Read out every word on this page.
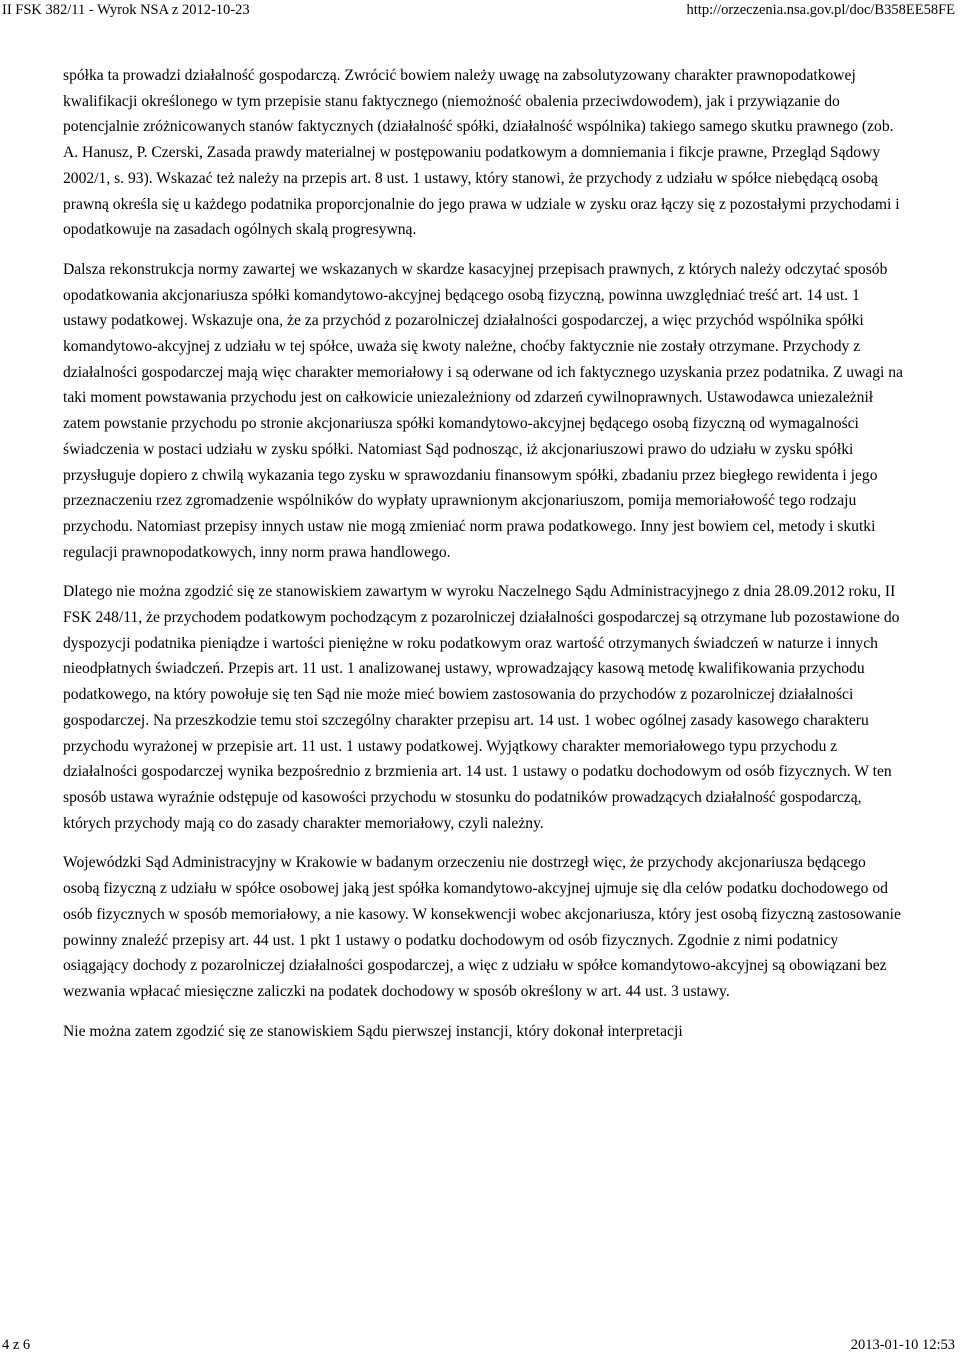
II FSK 382/11 - Wyrok NSA z 2012-10-23	http://orzeczenia.nsa.gov.pl/doc/B358EE58FE

spółka ta prowadzi działalność gospodarczą. Zwrócić bowiem należy uwagę na zabsolutyzowany charakter prawnopodatkowej kwalifikacji określonego w tym przepisie stanu faktycznego (niemożność obalenia przeciwdowodem), jak i przywiązanie do potencjalnie zróżnicowanych stanów faktycznych (działalność spółki, działalność wspólnika) takiego samego skutku prawnego (zob. A. Hanusz, P. Czerski, Zasada prawdy materialnej w postępowaniu podatkowym a domniemania i fikcje prawne, Przegląd Sądowy 2002/1, s. 93). Wskazać też należy na przepis art. 8 ust. 1 ustawy, który stanowi, że przychody z udziału w spółce niebędącą osobą prawną określa się u każdego podatnika proporcjonalnie do jego prawa w udziale w zysku oraz łączy się z pozostałymi przychodami i opodatkowuje na zasadach ogólnych skalą progresywną.

Dalsza rekonstrukcja normy zawartej we wskazanych w skardze kasacyjnej przepisach prawnych, z których należy odczytać sposób opodatkowania akcjonariusza spółki komandytowo-akcyjnej będącego osobą fizyczną, powinna uwzględniać treść art. 14 ust. 1 ustawy podatkowej. Wskazuje ona, że za przychód z pozarolniczej działalności gospodarczej, a więc przychód wspólnika spółki komandytowo-akcyjnej z udziału w tej spółce, uważa się kwoty należne, choćby faktycznie nie zostały otrzymane. Przychody z działalności gospodarczej mają więc charakter memoriałowy i są oderwane od ich faktycznego uzyskania przez podatnika. Z uwagi na taki moment powstawania przychodu jest on całkowicie uniezależniony od zdarzeń cywilnoprawnych. Ustawodawca uniezależnił zatem powstanie przychodu po stronie akcjonariusza spółki komandytowo-akcyjnej będącego osobą fizyczną od wymagalności świadczenia w postaci udziału w zysku spółki. Natomiast Sąd podnosząc, iż akcjonariuszowi prawo do udziału w zysku spółki przysługuje dopiero z chwilą wykazania tego zysku w sprawozdaniu finansowym spółki, zbadaniu przez biegłego rewidenta i jego przeznaczeniu rzez zgromadzenie wspólników do wypłaty uprawnionym akcjonariuszom, pomija memoriałowość tego rodzaju przychodu. Natomiast przepisy innych ustaw nie mogą zmieniać norm prawa podatkowego. Inny jest bowiem cel, metody i skutki regulacji prawnopodatkowych, inny norm prawa handlowego.

Dlatego nie można zgodzić się ze stanowiskiem zawartym w wyroku Naczelnego Sądu Administracyjnego z dnia 28.09.2012 roku, II FSK 248/11, że przychodem podatkowym pochodzącym z pozarolniczej działalności gospodarczej są otrzymane lub pozostawione do dyspozycji podatnika pieniądze i wartości pieniężne w roku podatkowym oraz wartość otrzymanych świadczeń w naturze i innych nieodpłatnych świadczeń. Przepis art. 11 ust. 1 analizowanej ustawy, wprowadzający kasową metodę kwalifikowania przychodu podatkowego, na który powołuje się ten Sąd nie może mieć bowiem zastosowania do przychodów z pozarolniczej działalności gospodarczej. Na przeszkodzie temu stoi szczególny charakter przepisu art. 14 ust. 1 wobec ogólnej zasady kasowego charakteru przychodu wyrażonej w przepisie art. 11 ust. 1 ustawy podatkowej. Wyjątkowy charakter memoriałowego typu przychodu z działalności gospodarczej wynika bezpośrednio z brzmienia art. 14 ust. 1 ustawy o podatku dochodowym od osób fizycznych. W ten sposób ustawa wyraźnie odstępuje od kasowości przychodu w stosunku do podatników prowadzących działalność gospodarczą, których przychody mają co do zasady charakter memoriałowy, czyli należny.

Wojewódzki Sąd Administracyjny w Krakowie w badanym orzeczeniu nie dostrzegł więc, że przychody akcjonariusza będącego osobą fizyczną z udziału w spółce osobowej jaką jest spółka komandytowo-akcyjnej ujmuje się dla celów podatku dochodowego od osób fizycznych w sposób memoriałowy, a nie kasowy. W konsekwencji wobec akcjonariusza, który jest osobą fizyczną zastosowanie powinny znaleźć przepisy art. 44 ust. 1 pkt 1 ustawy o podatku dochodowym od osób fizycznych. Zgodnie z nimi podatnicy osiągający dochody z pozarolniczej działalności gospodarczej, a więc z udziału w spółce komandytowo-akcyjnej są obowiązani bez wezwania wpłacać miesięczne zaliczki na podatek dochodowy w sposób określony w art. 44 ust. 3 ustawy.

Nie można zatem zgodzić się ze stanowiskiem Sądu pierwszej instancji, który dokonał interpretacji

4 z 6	2013-01-10 12:53
